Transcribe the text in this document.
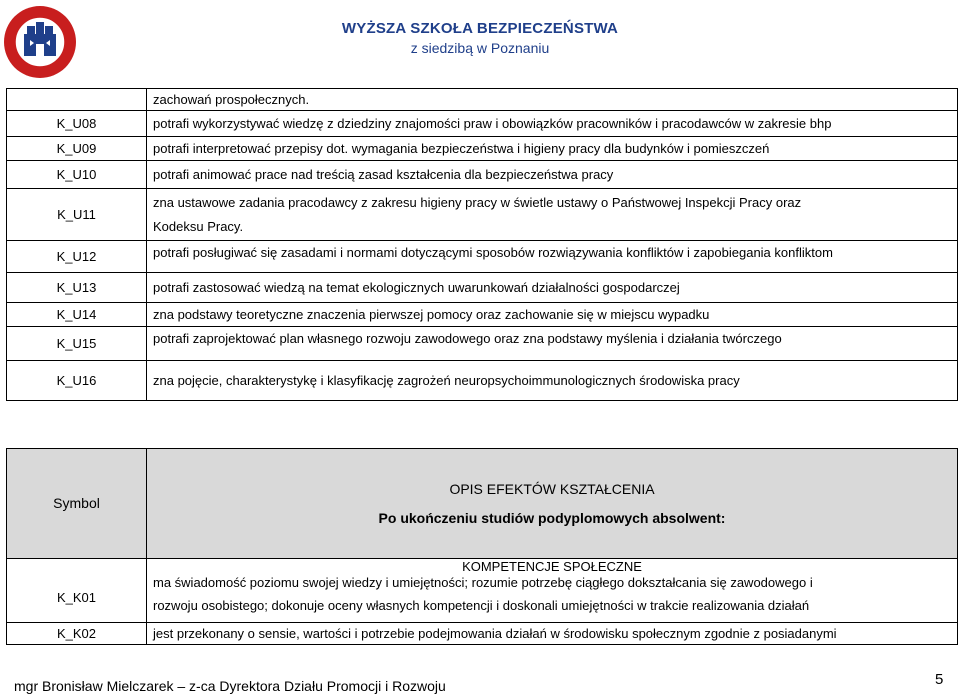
WYŻSZA SZKOŁA BEZPIECZEŃSTWA
z siedzibą w Poznaniu
	zachowań prospołecznych.
K_U08	potrafi wykorzystywać wiedzę z dziedziny znajomości praw i obowiązków pracowników i pracodawców w zakresie bhp
K_U09	potrafi interpretować przepisy dot. wymagania bezpieczeństwa i higieny pracy dla budynków i pomieszczeń
K_U10	potrafi animować prace nad treścią zasad kształcenia dla bezpieczeństwa pracy
K_U11	zna ustawowe zadania pracodawcy z zakresu higieny pracy w świetle ustawy o Państwowej Inspekcji Pracy oraz
Kodeksu Pracy.

K_U12	potrafi posługiwać się zasadami i normami dotyczącymi sposobów rozwiązywania konfliktów i zapobiegania konfliktom
K_U13	potrafi zastosować wiedzą na temat ekologicznych uwarunkowań działalności gospodarczej
K_U14	zna podstawy teoretyczne znaczenia pierwszej pomocy oraz zachowanie się w miejscu wypadku
K_U15	potrafi zaprojektować plan własnego rozwoju zawodowego oraz zna podstawy myślenia i działania twórczego
K_U16	zna pojęcie, charakterystykę i klasyfikację zagrożeń neuropsychoimmunologicznych środowiska pracy
Symbol	OPIS EFEKTÓW KSZTAŁCENIA
Po ukończeniu studiów podyplomowych absolwent:

K_K01	KOMPETENCJE SPOŁECZNE
ma świadomość poziomu swojej wiedzy i umiejętności; rozumie potrzebę ciągłego dokształcania się zawodowego i
rozwoju osobistego; dokonuje oceny własnych kompetencji i doskonali umiejętności w trakcie realizowania działań

K_K02	jest przekonany o sensie, wartości i potrzebie podejmowania działań w środowisku społecznym zgodnie z posiadanymi
mgr Bronisław Mielczarek – z-ca Dyrektora Działu Promocji i Rozwoju	5
